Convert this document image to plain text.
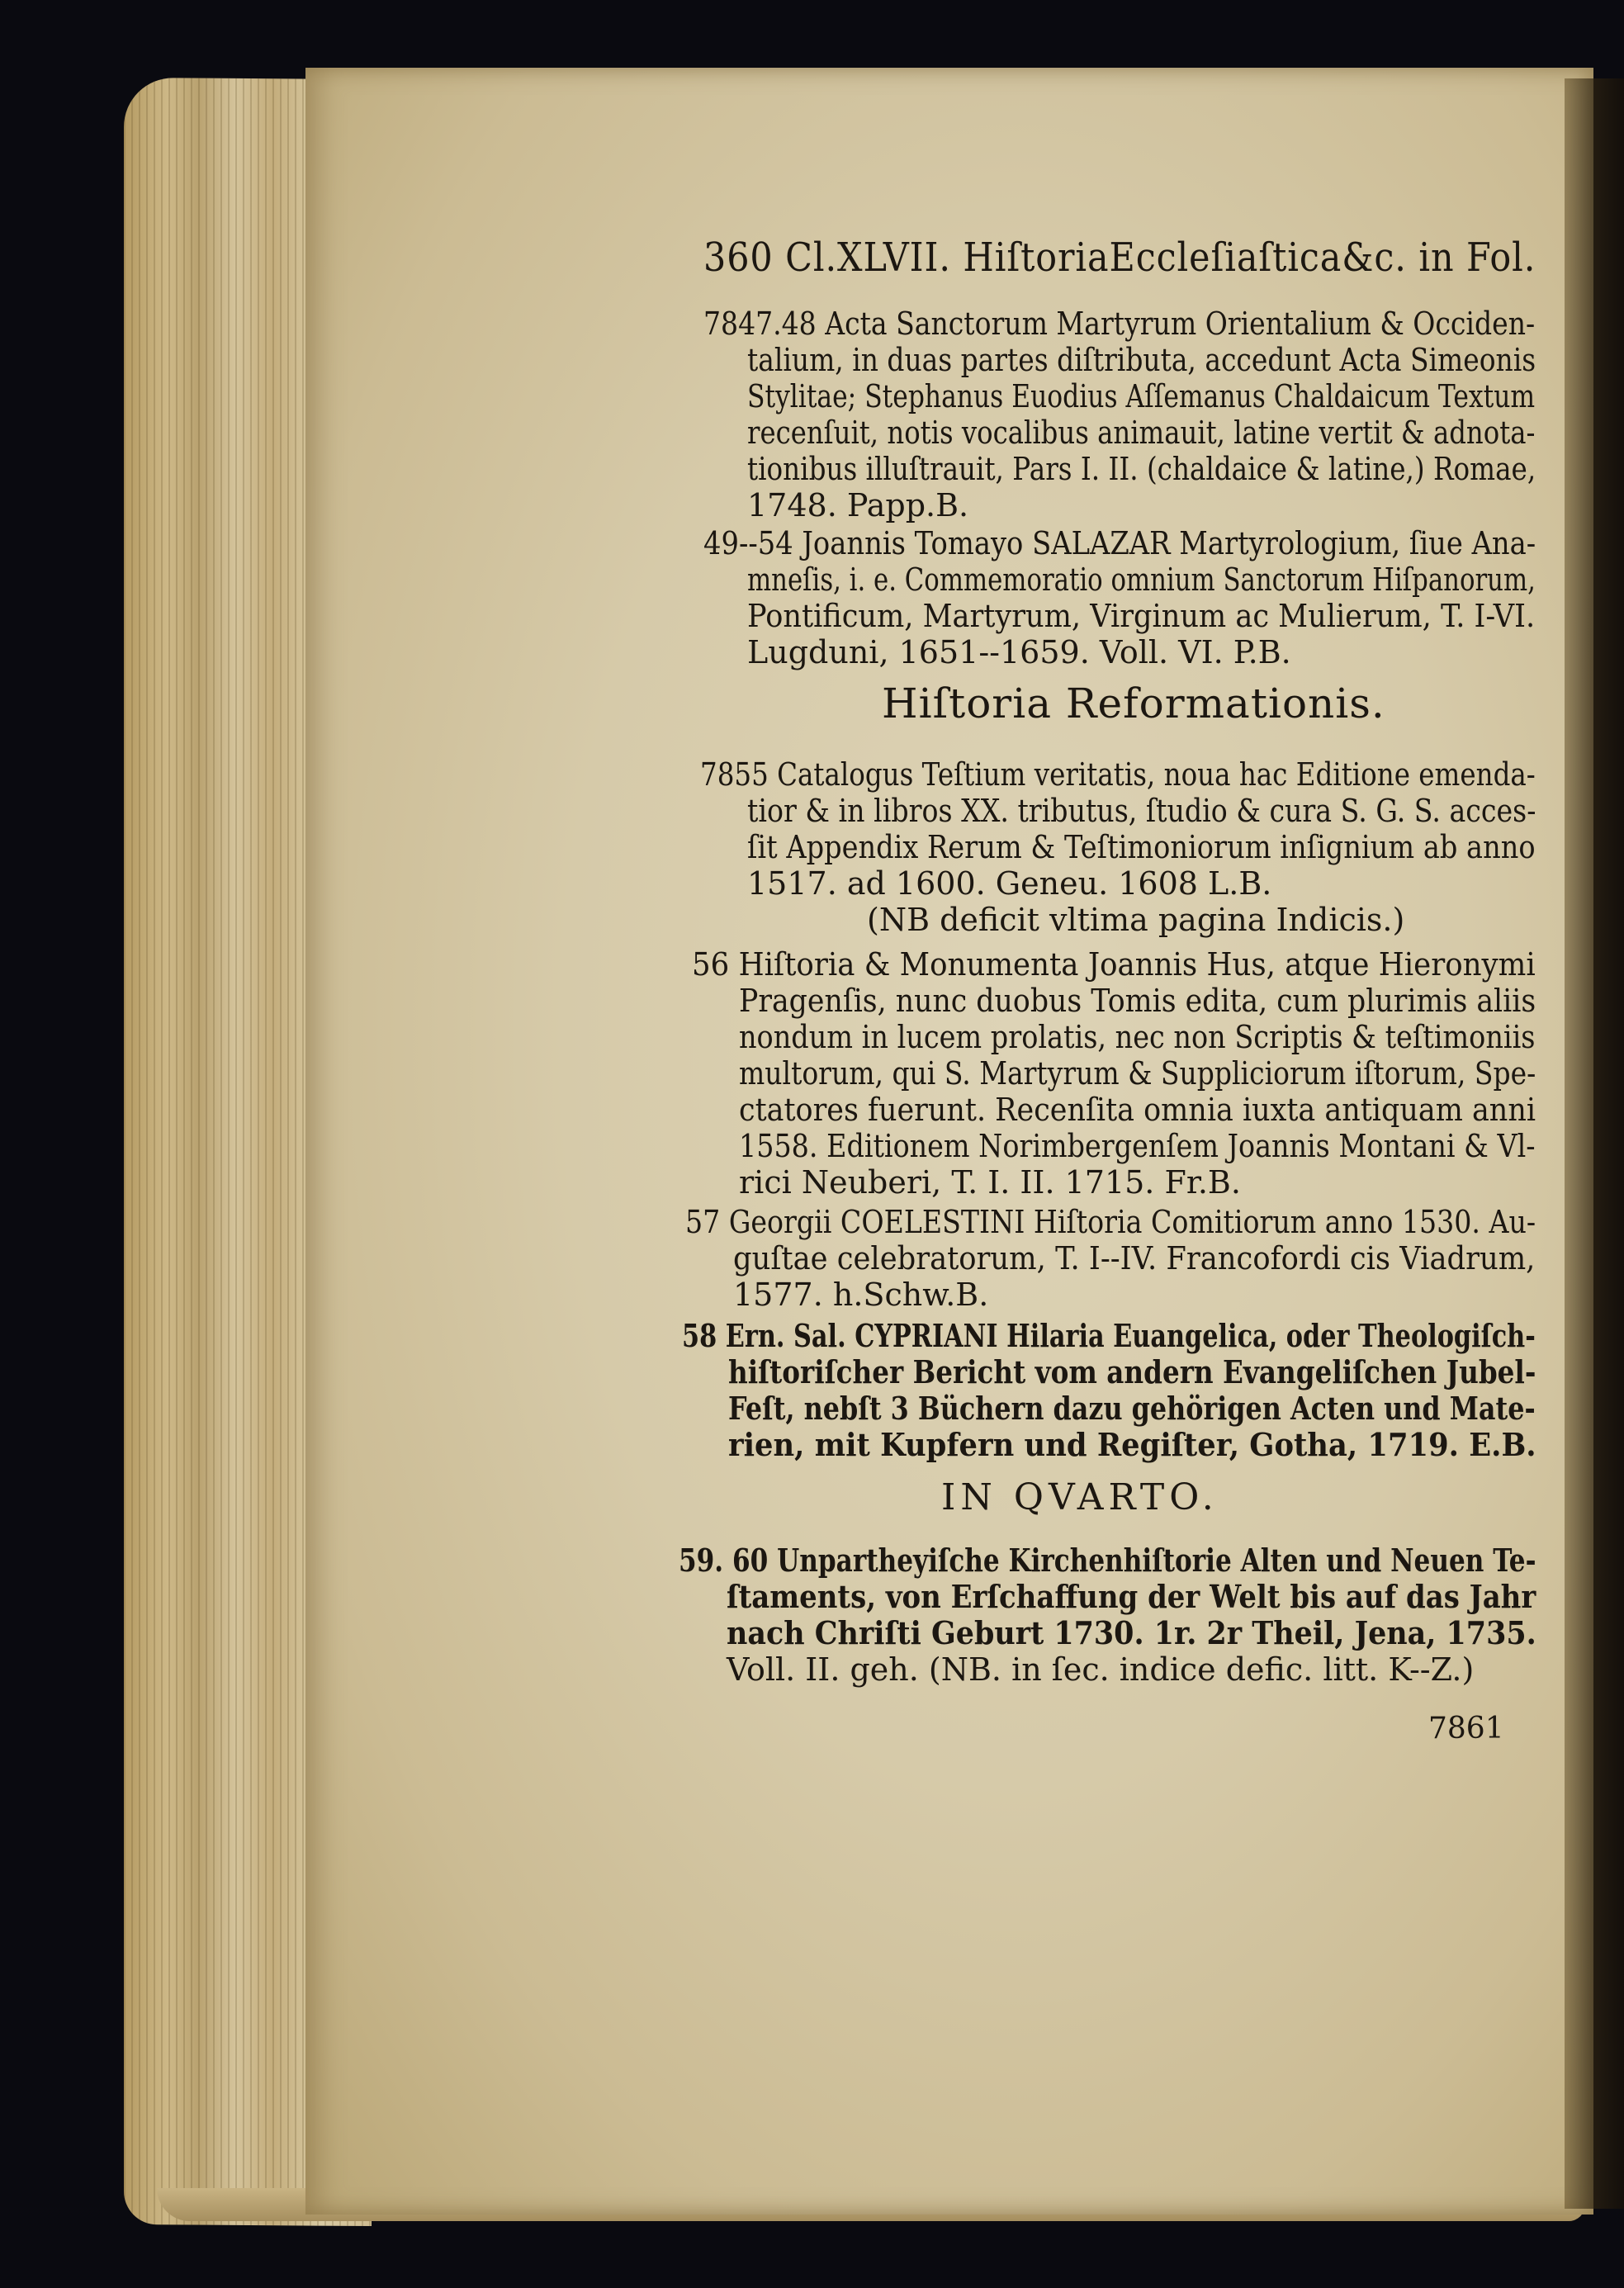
360 Cl.XLVII. HiſtoriaEccleſiaſtica&c. in Fol.
7847.48 Acta Sanctorum Martyrum Orientalium & Occiden-
talium, in duas partes diſtributa, accedunt Acta Simeonis
Stylitae; Stephanus Euodius Aſſemanus Chaldaicum Textum
recenſuit, notis vocalibus animauit, latine vertit & adnota-
tionibus illuſtrauit, Pars I. II. (chaldaice & latine,) Romae,
1748. Papp.B.
49--54 Joannis Tomayo SALAZAR Martyrologium, ſiue Ana-
mneſis, i. e. Commemoratio omnium Sanctorum Hiſpanorum,
Pontificum, Martyrum, Virginum ac Mulierum, T. I-VI.
Lugduni, 1651--1659. Voll. VI. P.B.
Hiſtoria Reformationis.
7855 Catalogus Teſtium veritatis, noua hac Editione emenda-
tior & in libros XX. tributus, ſtudio & cura S. G. S. acces-
ſit Appendix Rerum & Teſtimoniorum inſignium ab anno
1517. ad 1600. Geneu. 1608 L.B.
(NB deficit vltima pagina Indicis.)
56 Hiſtoria & Monumenta Joannis Hus, atque Hieronymi
Pragenſis, nunc duobus Tomis edita, cum plurimis aliis
nondum in lucem prolatis, nec non Scriptis & teſtimoniis
multorum, qui S. Martyrum & Suppliciorum iſtorum, Spe-
ctatores fuerunt. Recenſita omnia iuxta antiquam anni
1558. Editionem Norimbergenſem Joannis Montani & Vl-
rici Neuberi, T. I. II. 1715. Fr.B.
57 Georgii COELESTINI Hiſtoria Comitiorum anno 1530. Au-
guſtae celebratorum, T. I--IV. Francofordi cis Viadrum,
1577. h.Schw.B.
58 Ern. Sal. CYPRIANI Hilaria Euangelica, oder Theologiſch-
hiſtoriſcher Bericht vom andern Evangeliſchen Jubel-
Feſt, nebſt 3 Büchern dazu gehörigen Acten und Mate-
rien, mit Kupfern und Regiſter, Gotha, 1719. E.B.
IN QVARTO.
59. 60 Unpartheyiſche Kirchenhiſtorie Alten und Neuen Te-
ſtaments, von Erſchaffung der Welt bis auf das Jahr
nach Chriſti Geburt 1730. 1r. 2r Theil, Jena, 1735.
Voll. II. geh. (NB. in ſec. indice defic. litt. K--Z.)
7861
